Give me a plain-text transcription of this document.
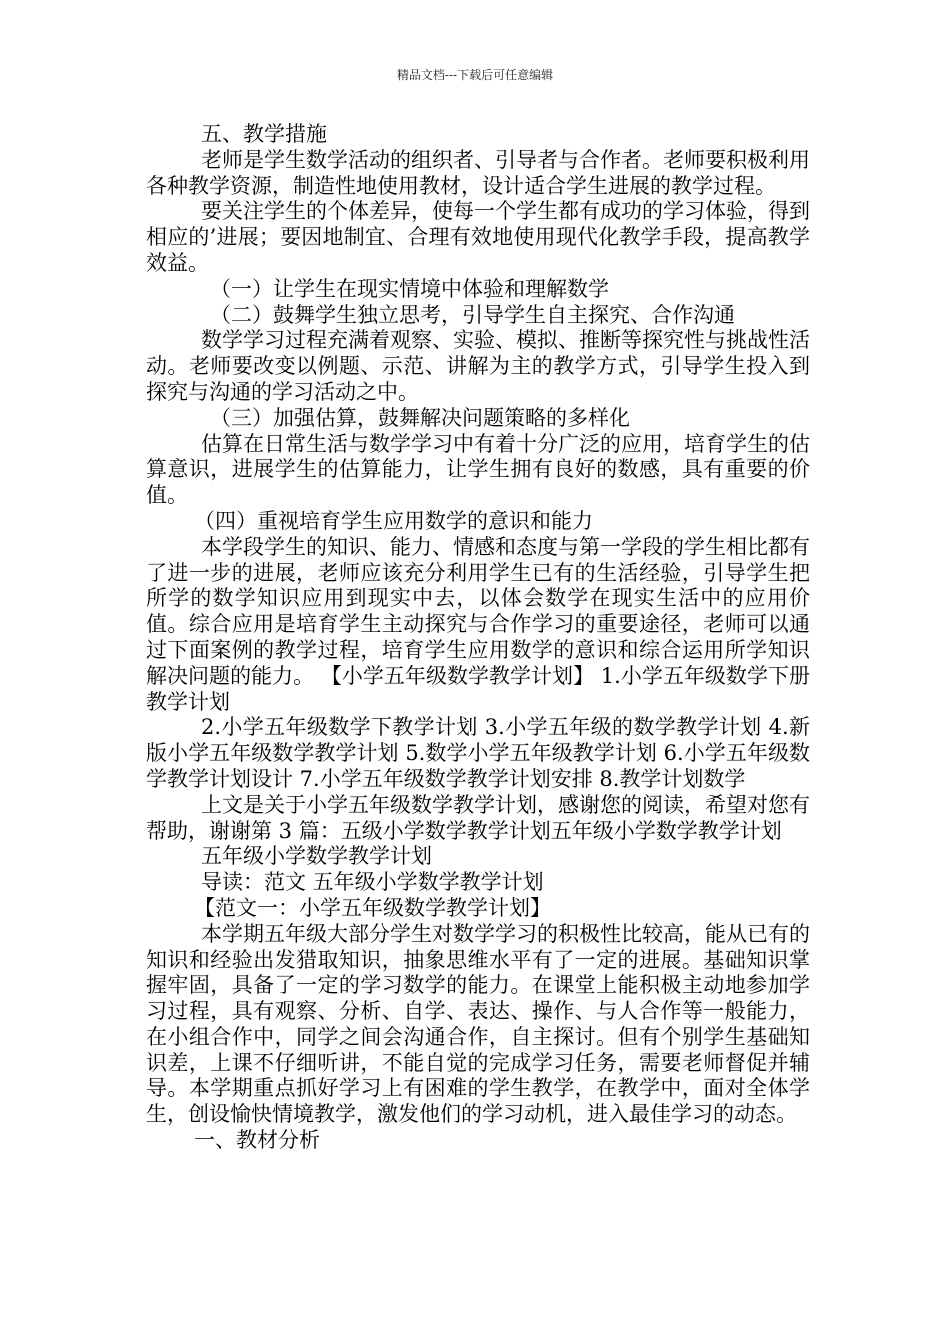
精品文档---下载后可任意编辑

五、教学措施

老师是学生数学活动的组织者、引导者与合作者。老师要积极利用各种教学资源，制造性地使用教材，设计适合学生进展的教学过程。

要关注学生的个体差异，使每一个学生都有成功的学习体验，得到相应的’进展；要因地制宜、合理有效地使用现代化教学手段，提高教学效益。

（一）让学生在现实情境中体验和理解数学

（二）鼓舞学生独立思考，引导学生自主探究、合作沟通

数学学习过程充满着观察、实验、模拟、推断等探究性与挑战性活动。老师要改变以例题、示范、讲解为主的教学方式，引导学生投入到探究与沟通的学习活动之中。

（三）加强估算，鼓舞解决问题策略的多样化

估算在日常生活与数学学习中有着十分广泛的应用，培育学生的估算意识，进展学生的估算能力，让学生拥有良好的数感，具有重要的价值。

（四）重视培育学生应用数学的意识和能力

本学段学生的知识、能力、情感和态度与第一学段的学生相比都有了进一步的进展，老师应该充分利用学生已有的生活经验，引导学生把所学的数学知识应用到现实中去，以体会数学在现实生活中的应用价值。综合应用是培育学生主动探究与合作学习的重要途径，老师可以通过下面案例的教学过程，培育学生应用数学的意识和综合运用所学知识解决问题的能力。 【小学五年级数学教学计划】 1.小学五年级数学下册教学计划

2.小学五年级数学下教学计划 3.小学五年级的数学教学计划 4.新版小学五年级数学教学计划 5.数学小学五年级教学计划 6.小学五年级数学教学计划设计 7.小学五年级数学教学计划安排 8.教学计划数学

上文是关于小学五年级数学教学计划，感谢您的阅读，希望对您有帮助，谢谢第 3 篇：五级小学数学教学计划五年级小学数学教学计划

五年级小学数学教学计划

导读：范文 五年级小学数学教学计划

【范文一：小学五年级数学教学计划】

本学期五年级大部分学生对数学学习的积极性比较高，能从已有的知识和经验出发猎取知识，抽象思维水平有了一定的进展。基础知识掌握牢固，具备了一定的学习数学的能力。在课堂上能积极主动地参加学习过程，具有观察、分析、自学、表达、操作、与人合作等一般能力，在小组合作中，同学之间会沟通合作，自主探讨。但有个别学生基础知识差，上课不仔细听讲，不能自觉的完成学习任务，需要老师督促并辅导。本学期重点抓好学习上有困难的学生教学，在教学中，面对全体学生，创设愉快情境教学，激发他们的学习动机，进入最佳学习的动态。

一、教材分析
